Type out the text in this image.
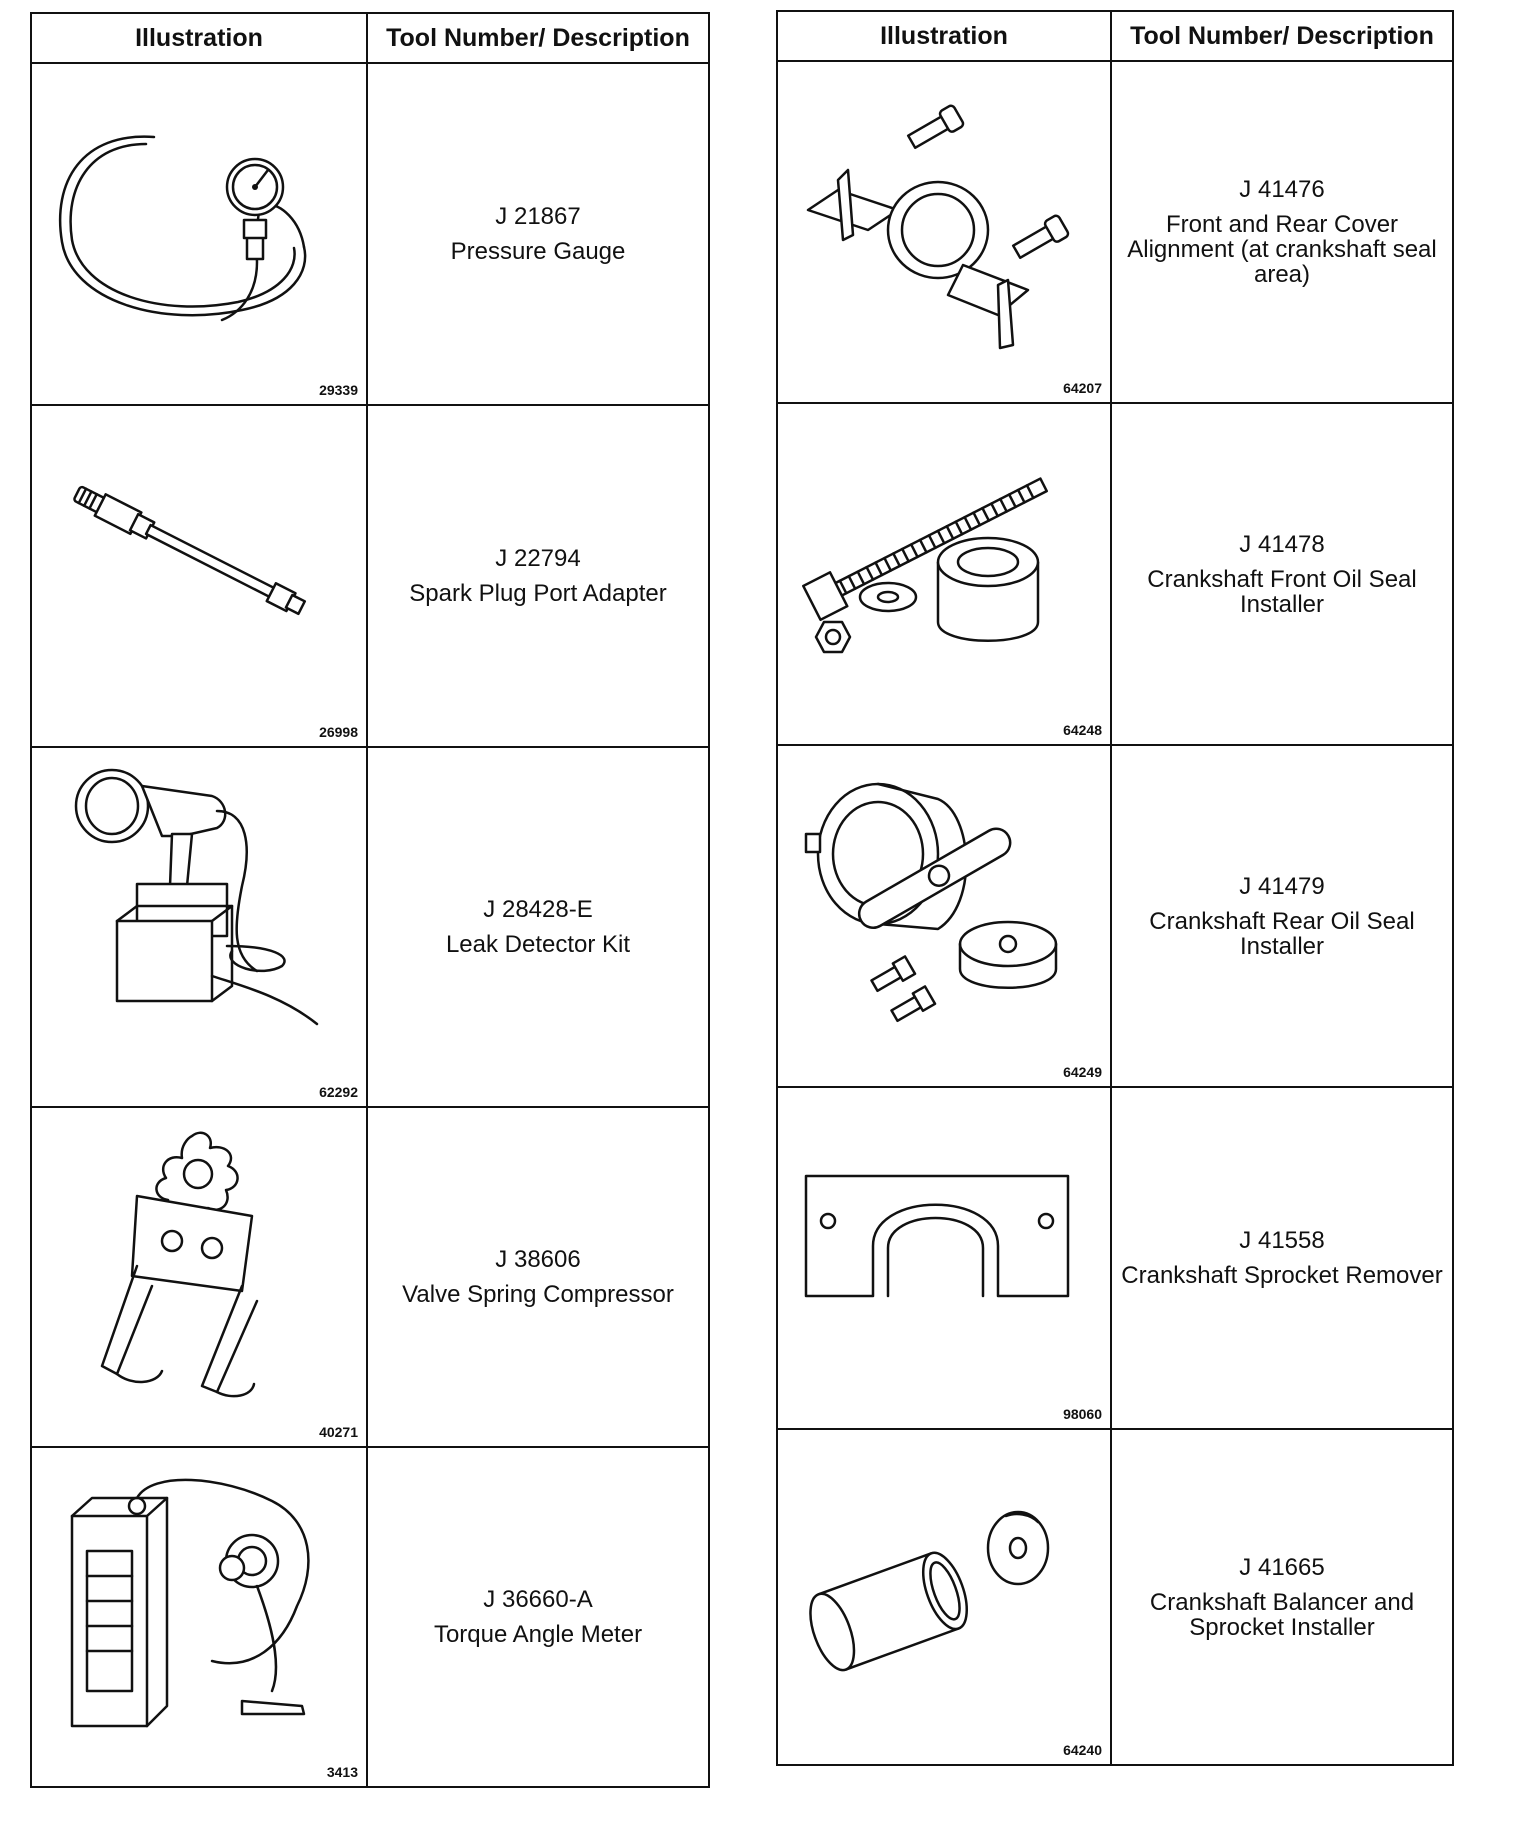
Illustration	Tool Number/ Description

29339	J 21867
Pressure Gauge

26998	J 22794
Spark Plug Port Adapter

62292	J 28428-E
Leak Detector Kit

40271	J 38606
Valve Spring Compressor

3413	J 36660-A
Torque Angle Meter
Illustration	Tool Number/ Description

64207	J 41476
Front and Rear Cover Alignment (at crankshaft seal area)

64248	J 41478
Crankshaft Front Oil Seal Installer

64249	J 41479
Crankshaft Rear Oil Seal Installer

98060	J 41558
Crankshaft Sprocket Remover

64240	J 41665
Crankshaft Balancer and Sprocket Installer
